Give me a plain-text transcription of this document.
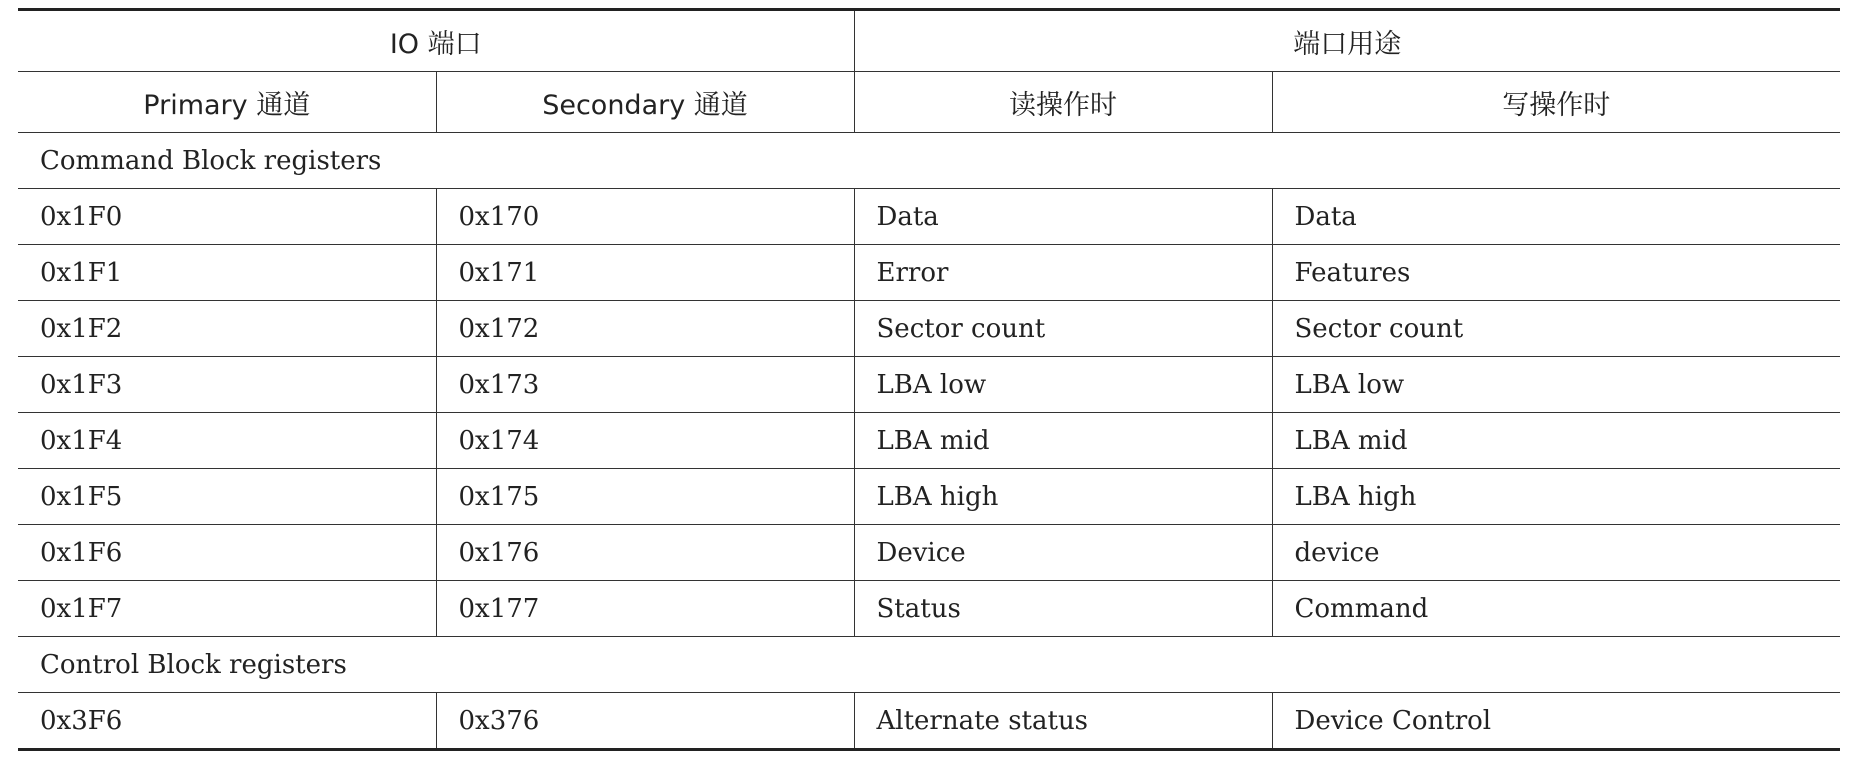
IO 端口		端口用途	
Primary 通道	Secondary 通道	读操作时	写操作时
Command Block registers			
0x1F0	0x170	Data	Data
0x1F1	0x171	Error	Features
0x1F2	0x172	Sector count	Sector count
0x1F3	0x173	LBA low	LBA low
0x1F4	0x174	LBA mid	LBA mid
0x1F5	0x175	LBA high	LBA high
0x1F6	0x176	Device	device
0x1F7	0x177	Status	Command
Control Block registers			
0x3F6	0x376	Alternate status	Device Control
